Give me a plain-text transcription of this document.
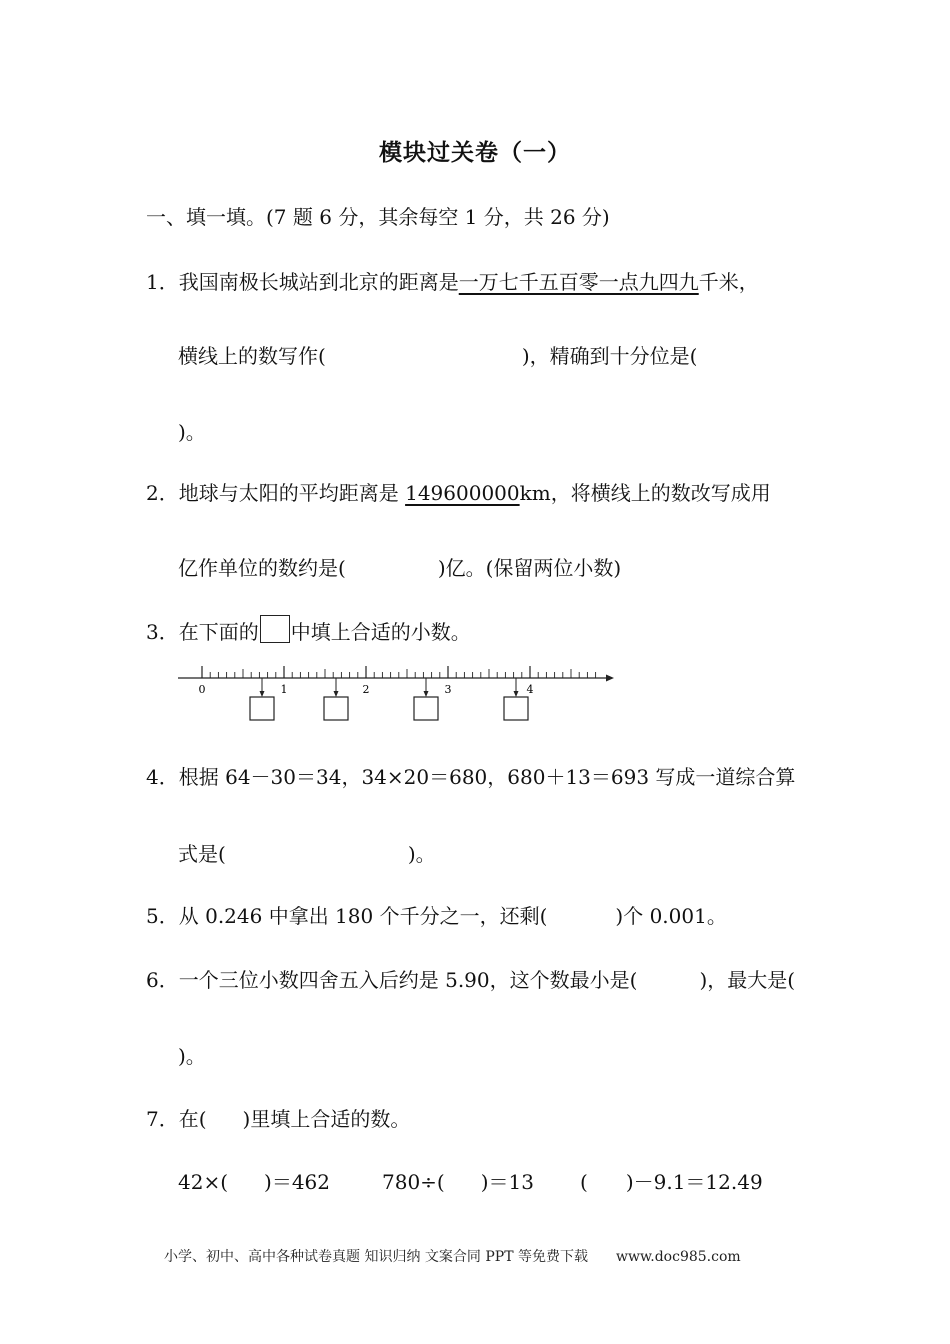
模块过关卷（一）
一、填一填。(7 题 6 分，其余每空 1 分，共 26 分)
1．我国南极长城站到北京的距离是一万七千五百零一点九四九千米，
横线上的数写作(	)，精确到十分位是(
)。
2．地球与太阳的平均距离是 149600000km，将横线上的数改写成用
亿作单位的数约是(	)亿。(保留两位小数)
3．在下面的 中填上合适的小数。
0	1	2	3	4
4．根据 64－30＝34，34×20＝680，680＋13＝693 写成一道综合算
式是(	)。
5．从 0.246 中拿出 180 个千分之一，还剩(	)个 0.001。
6．一个三位小数四舍五入后约是 5.90，这个数最小是(	)，最大是(
)。
7．在( )里填上合适的数。
42×( )＝462	780÷( )＝13 ( )－9.1＝12.49
小学、初中、高中各种试卷真题 知识归纳 文案合同 PPT 等免费下载 www.doc985.com
